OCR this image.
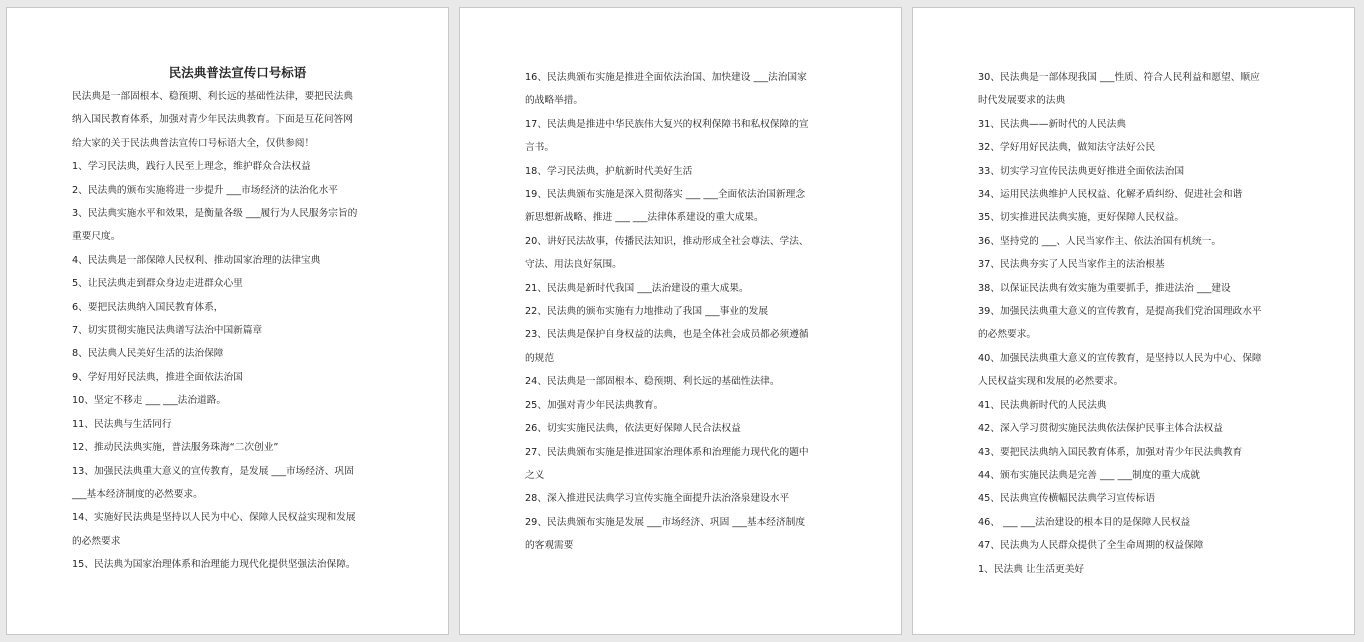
民法典普法宣传口号标语

民法典是一部固根本、稳预期、利长远的基础性法律，要把民法典

纳入国民教育体系，加强对青少年民法典教育。下面是互花问答网

给大家的关于民法典普法宣传口号标语大全，仅供参阅！

1、学习民法典，践行人民至上理念，维护群众合法权益

2、民法典的颁布实施将进一步提升 ___市场经济的法治化水平

3、民法典实施水平和效果，是衡量各级 ___履行为人民服务宗旨的

重要尺度。

4、民法典是一部保障人民权利、推动国家治理的法律宝典

5、让民法典走到群众身边走进群众心里

6、要把民法典纳入国民教育体系，

7、切实贯彻实施民法典谱写法治中国新篇章

8、民法典人民美好生活的法治保障

9、学好用好民法典，推进全面依法治国

10、坚定不移走 ___ ___法治道路。

11、民法典与生活同行

12、推动民法典实施，普法服务珠海“二次创业”

13、加强民法典重大意义的宣传教育，是发展 ___市场经济、巩固

___基本经济制度的必然要求。

14、实施好民法典是坚持以人民为中心、保障人民权益实现和发展

的必然要求

15、民法典为国家治理体系和治理能力现代化提供坚强法治保障。

16、民法典颁布实施是推进全面依法治国、加快建设 ___法治国家

的战略举措。

17、民法典是推进中华民族伟大复兴的权利保障书和私权保障的宣

言书。

18、学习民法典，护航新时代美好生活

19、民法典颁布实施是深入贯彻落实 ___ ___全面依法治国新理念

新思想新战略、推进 ___ ___法律体系建设的重大成果。

20、讲好民法故事，传播民法知识，推动形成全社会尊法、学法、

守法、用法良好氛围。

21、民法典是新时代我国 ___法治建设的重大成果。

22、民法典的颁布实施有力地推动了我国 ___事业的发展

23、民法典是保护自身权益的法典，也是全体社会成员都必须遵循

的规范

24、民法典是一部固根本、稳预期、利长远的基础性法律。

25、加强对青少年民法典教育。

26、切实实施民法典，依法更好保障人民合法权益

27、民法典颁布实施是推进国家治理体系和治理能力现代化的题中

之义

28、深入推进民法典学习宣传实施全面提升法治洛泉建设水平

29、民法典颁布实施是发展 ___市场经济、巩固 ___基本经济制度

的客观需要

30、民法典是一部体现我国 ___性质、符合人民利益和愿望、顺应

时代发展要求的法典

31、民法典——新时代的人民法典

32、学好用好民法典，做知法守法好公民

33、切实学习宣传民法典更好推进全面依法治国

34、运用民法典维护人民权益、化解矛盾纠纷、促进社会和谐

35、切实推进民法典实施，更好保障人民权益。

36、坚持党的 ___、人民当家作主、依法治国有机统一。

37、民法典夯实了人民当家作主的法治根基

38、以保证民法典有效实施为重要抓手，推进法治 ___建设

39、加强民法典重大意义的宣传教育，是提高我们党治国理政水平

的必然要求。

40、加强民法典重大意义的宣传教育，是坚持以人民为中心、保障

人民权益实现和发展的必然要求。

41、民法典新时代的人民法典

42、深入学习贯彻实施民法典依法保护民事主体合法权益

43、要把民法典纳入国民教育体系，加强对青少年民法典教育

44、颁布实施民法典是完善 ___ ___制度的重大成就

45、民法典宣传横幅民法典学习宣传标语

46、 ___ ___法治建设的根本目的是保障人民权益

47、民法典为人民群众提供了全生命周期的权益保障

1、民法典 让生活更美好
